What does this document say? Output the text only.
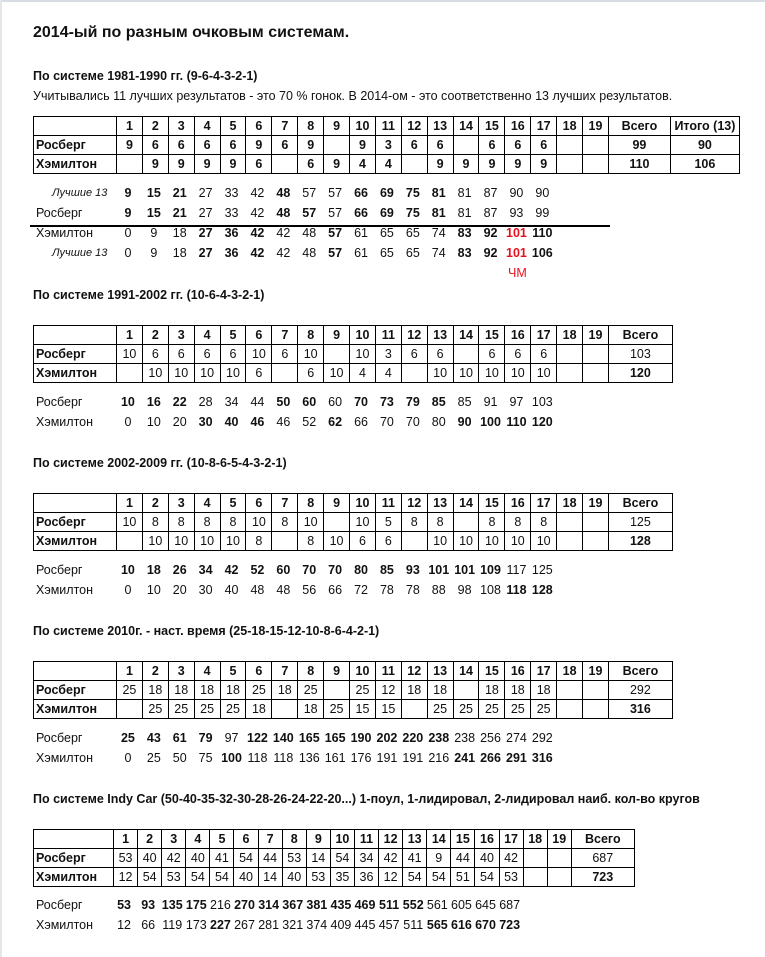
2014-ый по разным очковым системам.
По системе 1981-1990 гг. (9-6-4-3-2-1)
Учитывались 11 лучших результатов - это 70 % гонок. В 2014-ом - это соответственно 13 лучших результатов.
	1	2	3	4	5	6	7	8	9	10	11	12	13	14	15	16	17	18	19	Всего	Итого (13)
Росберг	9	6	6	6	6	9	6	9		9	3	6	6		6	6	6			99	90
Хэмилтон		9	9	9	9	6		6	9	4	4		9	9	9	9	9			110	106
Лучшие 13	9	15 21 27 33 42 48 57 57 66 69 75 81 81 87 90 90
Росберг	9	15 21 27 33 42 48 57 57 66 69 75 81 81 87 93 99
Хэмилтон	0	9	18 27 36 42 42 48 57 61 65 65 74 83 92 101 110
Лучшие 13	0	9	18 27 36 42 42 48 57 61 65 65 74 83 92 101 106
ЧМ
По системе 1991-2002 гг. (10-6-4-3-2-1)
	1	2	3	4	5	6	7	8	9	10	11	12	13	14	15	16	17	18	19	Всего
Росберг	10	6	6	6	6	10	6	10		10	3	6	6		6	6	6			103
Хэмилтон		10	10	10	10	6		6	10	4	4		10	10	10	10	10			120
Росберг	10 16 22 28 34 44 50 60 60 70 73 79 85 85 91 97 103
Хэмилтон	0	10 20 30 40 46 46 52 62 66 70 70 80 90 100 110 120
По системе 2002-2009 гг. (10-8-6-5-4-3-2-1)
	1	2	3	4	5	6	7	8	9	10	11	12	13	14	15	16	17	18	19	Всего
Росберг	10	8	8	8	8	10	8	10		10	5	8	8		8	8	8			125
Хэмилтон		10	10	10	10	8		8	10	6	6		10	10	10	10	10			128
Росберг	10 18 26 34 42 52 60 70 70 80 85 93 101 101 109 117 125
Хэмилтон	0	10 20 30 40 48 48 56 66 72 78 78 88 98 108 118 128
По системе 2010г. - наст. время (25-18-15-12-10-8-6-4-2-1)
	1	2	3	4	5	6	7	8	9	10	11	12	13	14	15	16	17	18	19	Всего
Росберг	25	18	18	18	18	25	18	25		25	12	18	18		18	18	18			292
Хэмилтон		25	25	25	25	18		18	25	15	15		25	25	25	25	25			316
Росберг	25 43 61 79 97 122 140 165 165 190 202 220 238 238 256 274 292
Хэмилтон	0	25 50 75 100 118 118 136 161 176 191 191 216 241 266 291 316
По системе Indy Car (50-40-35-32-30-28-26-24-22-20...) 1-поул, 1-лидировал, 2-лидировал наиб. кол-во кругов
	1	2	3	4	5	6	7	8	9	10	11	12	13	14	15	16	17	18	19	Всего
Росберг	53	40	42	40	41	54	44	53	14	54	34	42	41	9	44	40	42			687
Хэмилтон	12	54	53	54	54	40	14	40	53	35	36	12	54	54	51	54	53			723
Росберг	53 93 135 175 216 270 314 367 381 435 469 511 552 561 605 645 687
Хэмилтон	12 66 119 173 227 267 281 321 374 409 445 457 511 565 616 670 723
